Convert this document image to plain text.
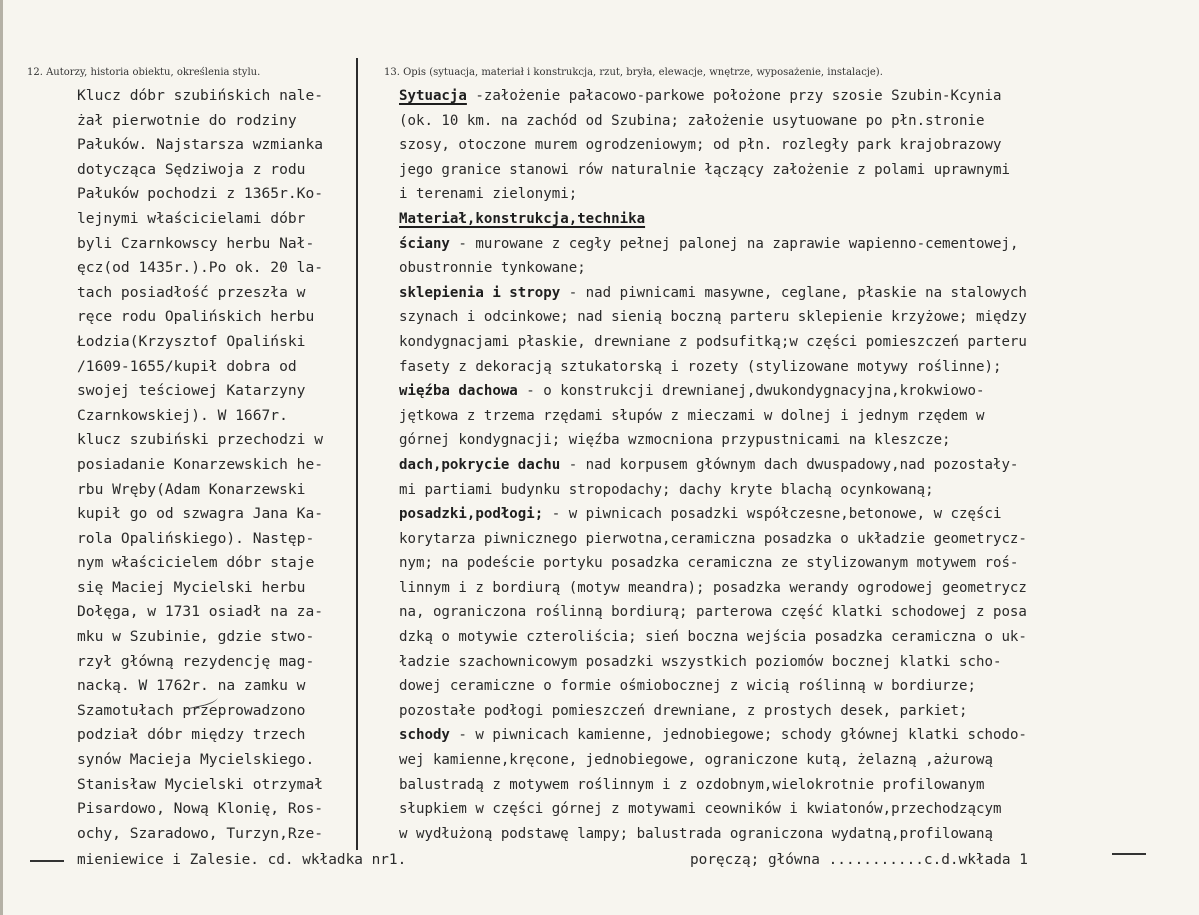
12. Autorzy, historia obiektu, określenia stylu.	13. Opis (sytuacja, materiał i konstrukcja, rzut, bryła, elewacje, wnętrze, wyposażenie, instalacje).
Klucz dóbr szubińskich nale-
żał pierwotnie do rodziny
Pałuków. Najstarsza wzmianka
dotycząca Sędziwoja z rodu
Pałuków pochodzi z 1365r.Ko-
lejnymi właścicielami dóbr
byli Czarnkowscy herbu Nał-
ęcz(od 1435r.).Po ok. 20 la-
tach posiadłość przeszła w
ręce rodu Opalińskich herbu
Łodzia(Krzysztof Opaliński
/1609-1655/kupił dobra od
swojej teściowej Katarzyny
Czarnkowskiej). W 1667r.
klucz szubiński przechodzi w
posiadanie Konarzewskich he-
rbu Wręby(Adam Konarzewski
kupił go od szwagra Jana Ka-
rola Opalińskiego). Następ-
nym właścicielem dóbr staje
się Maciej Mycielski herbu
Dołęga, w 1731 osiadł na za-
mku w Szubinie, gdzie stwo-
rzył główną rezydencję mag-
nacką. W 1762r. na zamku w
Szamotułach przeprowadzono
podział dóbr między trzech
synów Macieja Mycielskiego.
Stanisław Mycielski otrzymał
Pisardowo, Nową Klonię, Ros-
ochy, Szaradowo, Turzyn,Rze-
Sytuacja -założenie pałacowo-parkowe położone przy szosie Szubin-Kcynia
(ok. 10 km. na zachód od Szubina; założenie usytuowane po płn.stronie
szosy, otoczone murem ogrodzeniowym; od płn. rozległy park krajobrazowy
jego granice stanowi rów naturalnie łączący założenie z polami uprawnymi
i terenami zielonymi;
Materiał,konstrukcja,technika
ściany - murowane z cegły pełnej palonej na zaprawie wapienno-cementowej,
obustronnie tynkowane;
sklepienia i stropy - nad piwnicami masywne, ceglane, płaskie na stalowych
szynach i odcinkowe; nad sienią boczną parteru sklepienie krzyżowe; między
kondygnacjami płaskie, drewniane z podsufitką;w części pomieszczeń parteru
fasety z dekoracją sztukatorską i rozety (stylizowane motywy roślinne);
więźba dachowa - o konstrukcji drewnianej,dwukondygnacyjna,krokwiowo-
jętkowa z trzema rzędami słupów z mieczami w dolnej i jednym rzędem w
górnej kondygnacji; więźba wzmocniona przypustnicami na kleszcze;
dach,pokrycie dachu - nad korpusem głównym dach dwuspadowy,nad pozostały-
mi partiami budynku stropodachy; dachy kryte blachą ocynkowaną;
posadzki,podłogi; - w piwnicach posadzki współczesne,betonowe, w części
korytarza piwnicznego pierwotna,ceramiczna posadzka o układzie geometrycz-
nym; na podeście portyku posadzka ceramiczna ze stylizowanym motywem roś-
linnym i z bordiurą (motyw meandra); posadzka werandy ogrodowej geometrycz
na, ograniczona roślinną bordiurą; parterowa część klatki schodowej z posa
dzką o motywie czteroliścia; sień boczna wejścia posadzka ceramiczna o uk-
ładzie szachownicowym posadzki wszystkich poziomów bocznej klatki scho-
dowej ceramiczne o formie ośmiobocznej z wicią roślinną w bordiurze;
pozostałe podłogi pomieszczeń drewniane, z prostych desek, parkiet;
schody - w piwnicach kamienne, jednobiegowe; schody głównej klatki schodo-
wej kamienne,kręcone, jednobiegowe, ograniczone kutą, żelazną ,ażurową
balustradą z motywem roślinnym i z ozdobnym,wielokrotnie profilowanym
słupkiem w części górnej z motywami ceowników i kwiatonów,przechodzącym
w wydłużoną podstawę lampy; balustrada ograniczona wydatną,profilowaną
mieniewice i Zalesie. cd. wkładka nr1.	poręczą; główna ...........c.d.wkłada 1
